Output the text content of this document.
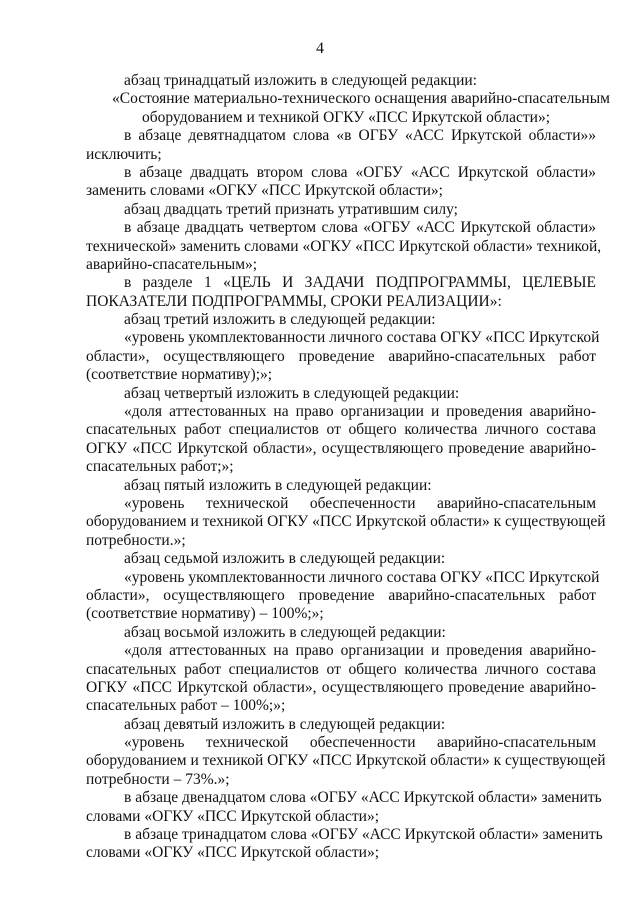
4
абзац тринадцатый изложить в следующей редакции:
«Состояние материально-технического оснащения аварийно-спасательным
оборудованием и техникой ОГКУ «ПСС Иркутской области»;
в абзаце девятнадцатом слова «в ОГБУ «АСС Иркутской области»»
исключить;
в абзаце двадцать втором слова «ОГБУ «АСС Иркутской области»
заменить словами «ОГКУ «ПСС Иркутской области»;
абзац двадцать третий признать утратившим силу;
в абзаце двадцать четвертом слова «ОГБУ «АСС Иркутской области»
технической» заменить словами «ОГКУ «ПСС Иркутской области» техникой,
аварийно-спасательным»;
в разделе 1 «ЦЕЛЬ И ЗАДАЧИ ПОДПРОГРАММЫ, ЦЕЛЕВЫЕ
ПОКАЗАТЕЛИ ПОДПРОГРАММЫ, СРОКИ РЕАЛИЗАЦИИ»:
абзац третий изложить в следующей редакции:
«уровень укомплектованности личного состава ОГКУ «ПСС Иркутской
области», осуществляющего проведение аварийно-спасательных работ
(соответствие нормативу);»;
абзац четвертый изложить в следующей редакции:
«доля аттестованных на право организации и проведения аварийно-
спасательных работ специалистов от общего количества личного состава
ОГКУ «ПСС Иркутской области», осуществляющего проведение аварийно-
спасательных работ;»;
абзац пятый изложить в следующей редакции:
«уровень технической обеспеченности аварийно-спасательным
оборудованием и техникой ОГКУ «ПСС Иркутской области» к существующей
потребности.»;
абзац седьмой изложить в следующей редакции:
«уровень укомплектованности личного состава ОГКУ «ПСС Иркутской
области», осуществляющего проведение аварийно-спасательных работ
(соответствие нормативу) – 100%;»;
абзац восьмой изложить в следующей редакции:
«доля аттестованных на право организации и проведения аварийно-
спасательных работ специалистов от общего количества личного состава
ОГКУ «ПСС Иркутской области», осуществляющего проведение аварийно-
спасательных работ – 100%;»;
абзац девятый изложить в следующей редакции:
«уровень технической обеспеченности аварийно-спасательным
оборудованием и техникой ОГКУ «ПСС Иркутской области» к существующей
потребности – 73%.»;
в абзаце двенадцатом слова «ОГБУ «АСС Иркутской области» заменить
словами «ОГКУ «ПСС Иркутской области»;
в абзаце тринадцатом слова «ОГБУ «АСС Иркутской области» заменить
словами «ОГКУ «ПСС Иркутской области»;
